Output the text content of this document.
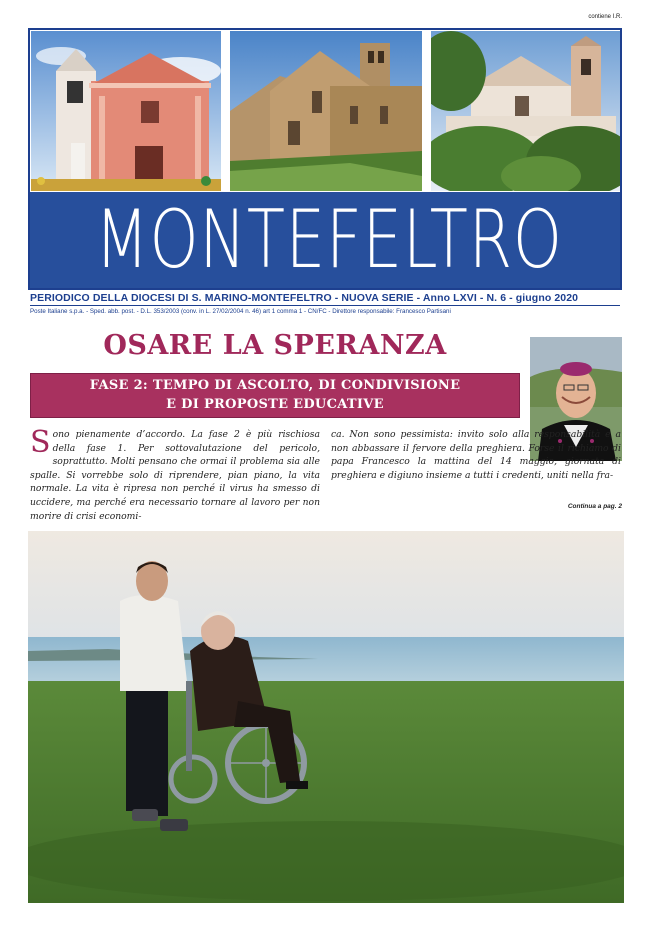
contiene I.R.
MONTEFELTRO
PERIODICO DELLA DIOCESI DI S. MARINO-MONTEFELTRO - NUOVA SERIE - Anno LXVI - N. 6 - giugno 2020
Poste Italiane s.p.a. - Sped. abb. post. - D.L. 353/2003 (conv. in L. 27/02/2004 n. 46) art 1 comma 1 - CN/FC - Direttore responsabile: Francesco Partisani
OSARE LA SPERANZA
FASE 2: TEMPO DI ASCOLTO, DI CONDIVISIONE
E DI PROPOSTE EDUCATIVE

Sono pienamente d’accordo. La fase 2 è più rischiosa della fase 1. Per sottovalutazione del pericolo, soprattutto. Molti pensano che ormai il problema sia alle spalle. Si vorrebbe solo di riprendere, pian piano, la vita normale. La vita è ripresa non perché il virus ha smesso di uccidere, ma perché era necessario tornare al lavoro per non morire di crisi economi-

ca. Non sono pessimista: invito solo alla responsabilità e a non abbassare il fervore della preghiera. Forse il richiamo di papa Francesco la mattina del 14 maggio, giornata di preghiera e digiuno insieme a tutti i credenti, uniti nella fra-

Continua a pag. 2
